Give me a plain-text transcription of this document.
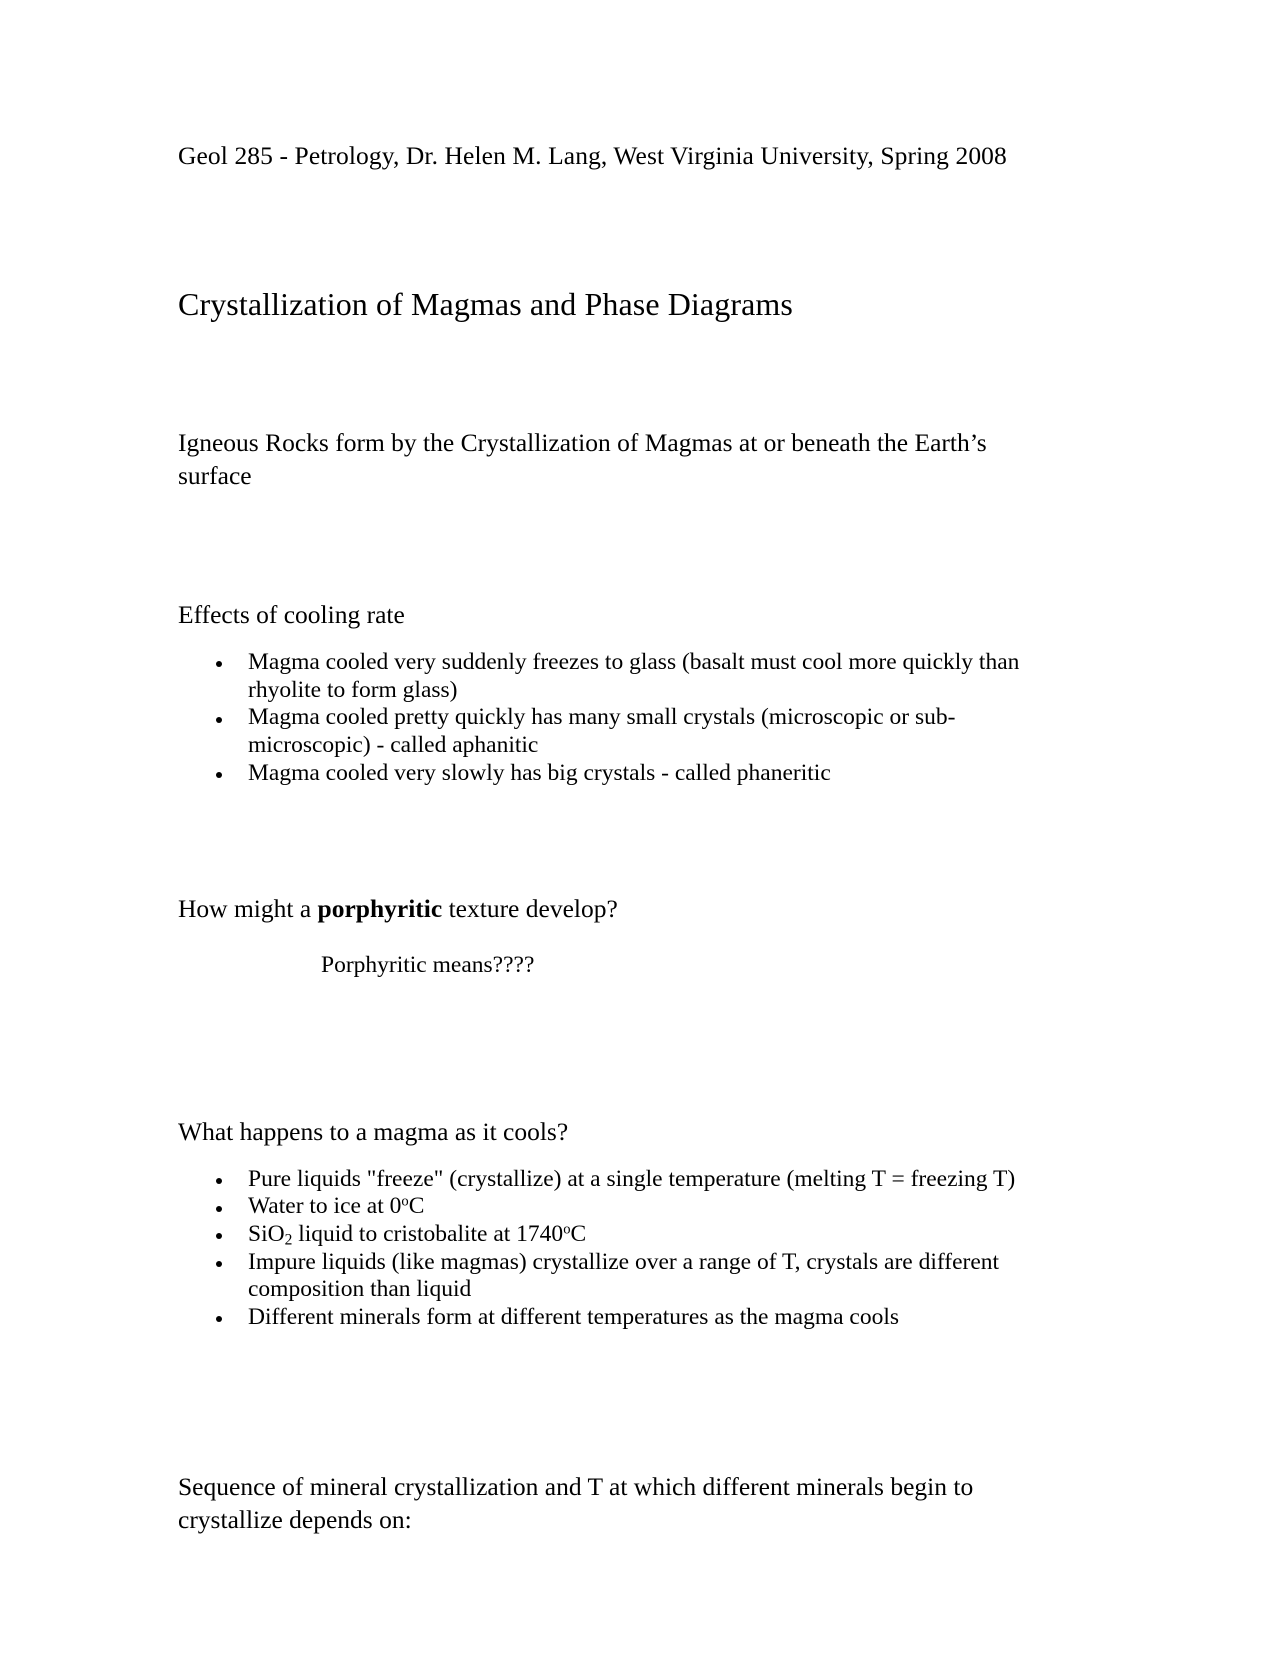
Geol 285 - Petrology, Dr. Helen M. Lang, West Virginia University, Spring 2008
Crystallization of Magmas and Phase Diagrams

Igneous Rocks form by the Crystallization of Magmas at or beneath the Earth’s surface

Effects of cooling rate
Magma cooled very suddenly freezes to glass (basalt must cool more quickly than rhyolite to form glass)
Magma cooled pretty quickly has many small crystals (microscopic or sub-microscopic) - called aphanitic
Magma cooled very slowly has big crystals - called phaneritic
How might a porphyritic texture develop?
Porphyritic means????
What happens to a magma as it cools?
Pure liquids "freeze" (crystallize) at a single temperature (melting T = freezing T)
Water to ice at 0$^o$C
SiO$_2$ liquid to cristobalite at 1740$^o$C
Impure liquids (like magmas) crystallize over a range of T, crystals are different composition than liquid
Different minerals form at different temperatures as the magma cools

Sequence of mineral crystallization and T at which different minerals begin to crystallize depends on:
